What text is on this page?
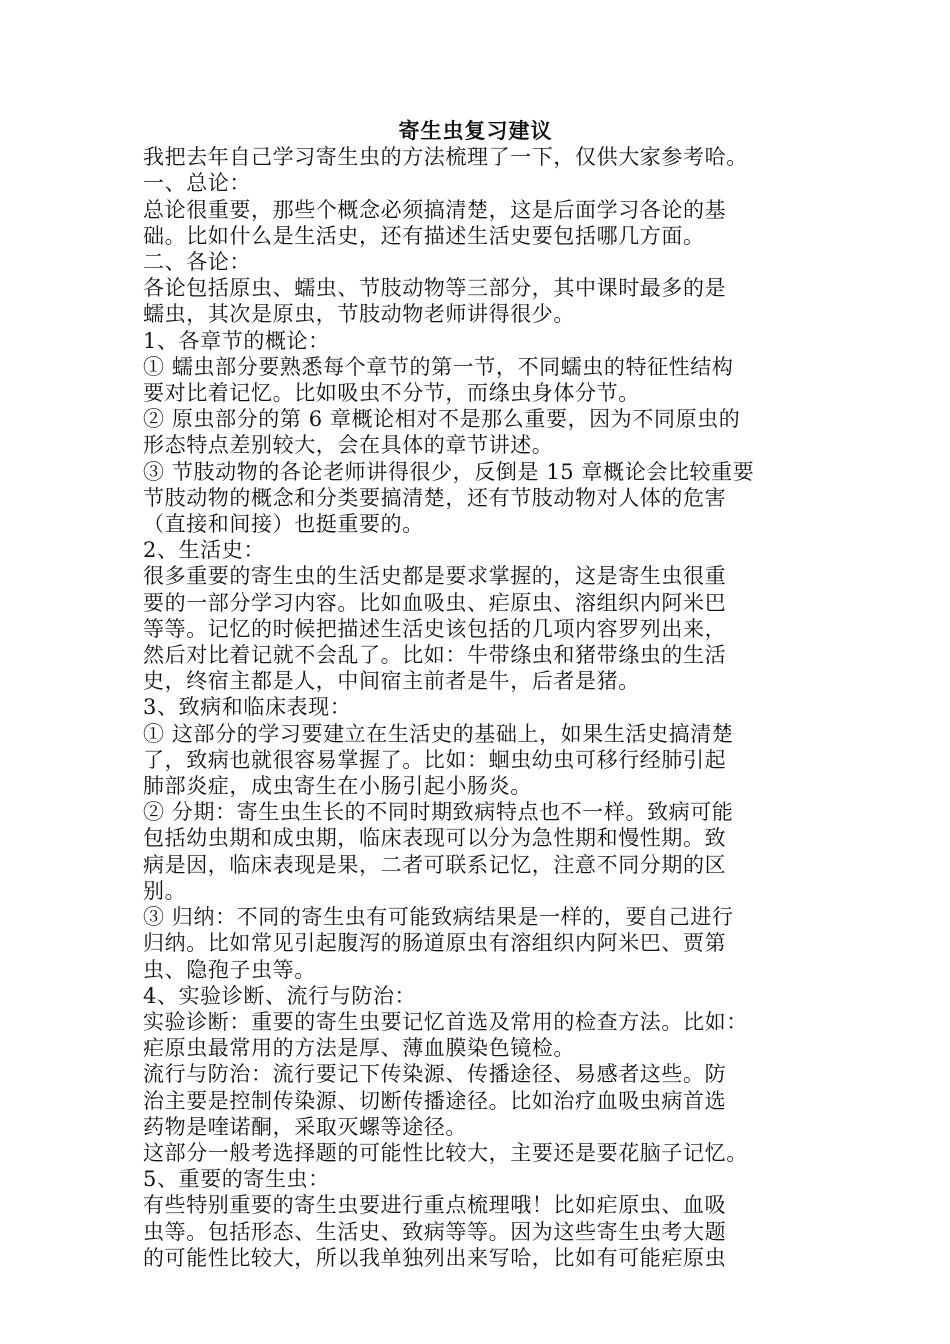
寄生虫复习建议

我把去年自己学习寄生虫的方法梳理了一下，仅供大家参考哈。

一、总论：

总论很重要，那些个概念必须搞清楚，这是后面学习各论的基

础。比如什么是生活史，还有描述生活史要包括哪几方面。

二、各论：

各论包括原虫、蠕虫、节肢动物等三部分，其中课时最多的是

蠕虫，其次是原虫，节肢动物老师讲得很少。

1、各章节的概论：

① 蠕虫部分要熟悉每个章节的第一节，不同蠕虫的特征性结构

要对比着记忆。比如吸虫不分节，而绦虫身体分节。

② 原虫部分的第 6 章概论相对不是那么重要，因为不同原虫的

形态特点差别较大，会在具体的章节讲述。

③ 节肢动物的各论老师讲得很少，反倒是 15 章概论会比较重要

节肢动物的概念和分类要搞清楚，还有节肢动物对人体的危害

（直接和间接）也挺重要的。

2、生活史：

很多重要的寄生虫的生活史都是要求掌握的，这是寄生虫很重

要的一部分学习内容。比如血吸虫、疟原虫、溶组织内阿米巴

等等。记忆的时候把描述生活史该包括的几项内容罗列出来，

然后对比着记就不会乱了。比如：牛带绦虫和猪带绦虫的生活

史，终宿主都是人，中间宿主前者是牛，后者是猪。

3、致病和临床表现：

① 这部分的学习要建立在生活史的基础上，如果生活史搞清楚

了，致病也就很容易掌握了。比如：蛔虫幼虫可移行经肺引起

肺部炎症，成虫寄生在小肠引起小肠炎。

② 分期：寄生虫生长的不同时期致病特点也不一样。致病可能

包括幼虫期和成虫期，临床表现可以分为急性期和慢性期。致

病是因，临床表现是果，二者可联系记忆，注意不同分期的区

别。

③ 归纳：不同的寄生虫有可能致病结果是一样的，要自己进行

归纳。比如常见引起腹泻的肠道原虫有溶组织内阿米巴、贾第

虫、隐孢子虫等。

4、实验诊断、流行与防治：

实验诊断：重要的寄生虫要记忆首选及常用的检查方法。比如：

疟原虫最常用的方法是厚、薄血膜染色镜检。

流行与防治：流行要记下传染源、传播途径、易感者这些。防

治主要是控制传染源、切断传播途径。比如治疗血吸虫病首选

药物是喹诺酮，采取灭螺等途径。

这部分一般考选择题的可能性比较大，主要还是要花脑子记忆。

5、重要的寄生虫：

有些特别重要的寄生虫要进行重点梳理哦！比如疟原虫、血吸

虫等。包括形态、生活史、致病等等。因为这些寄生虫考大题

的可能性比较大，所以我单独列出来写哈，比如有可能疟原虫
